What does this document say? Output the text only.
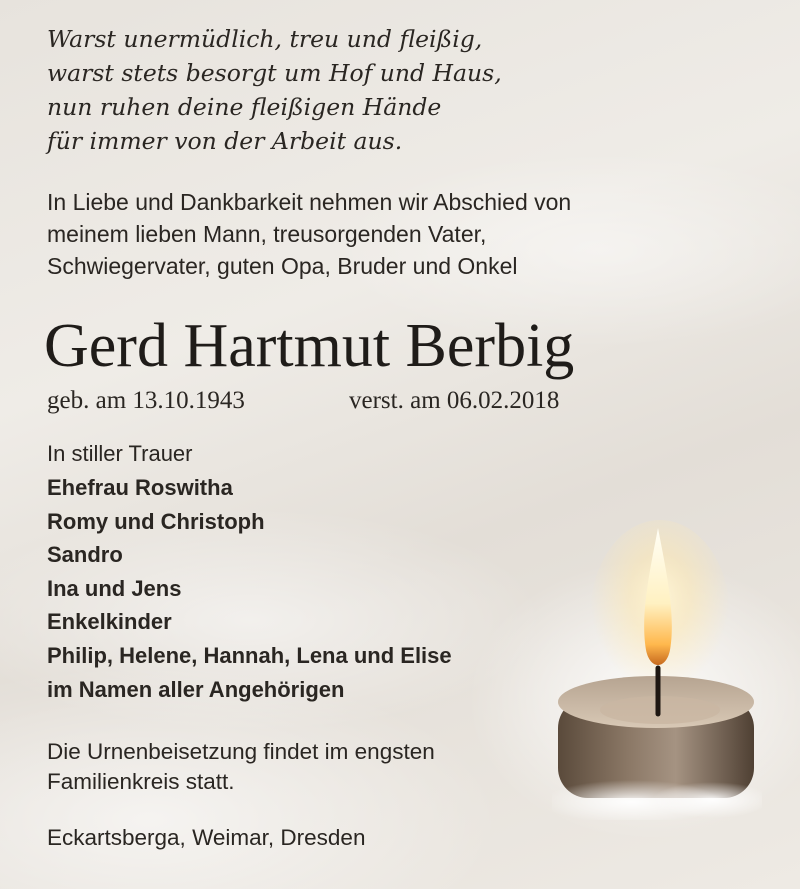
Warst unermüdlich, treu und fleißig,
warst stets besorgt um Hof und Haus,
nun ruhen deine fleißigen Hände
für immer von der Arbeit aus.
In Liebe und Dankbarkeit nehmen wir Abschied von
meinem lieben Mann, treusorgenden Vater,
Schwiegervater, guten Opa, Bruder und Onkel
Gerd Hartmut Berbig
geb. am 13.10.1943	verst. am 06.02.2018
In stiller Trauer
Ehefrau Roswitha
Romy und Christoph
Sandro
Ina und Jens
Enkelkinder
Philip, Helene, Hannah, Lena und Elise
im Namen aller Angehörigen
Die Urnenbeisetzung findet im engsten
Familienkreis statt.
Eckartsberga, Weimar, Dresden
